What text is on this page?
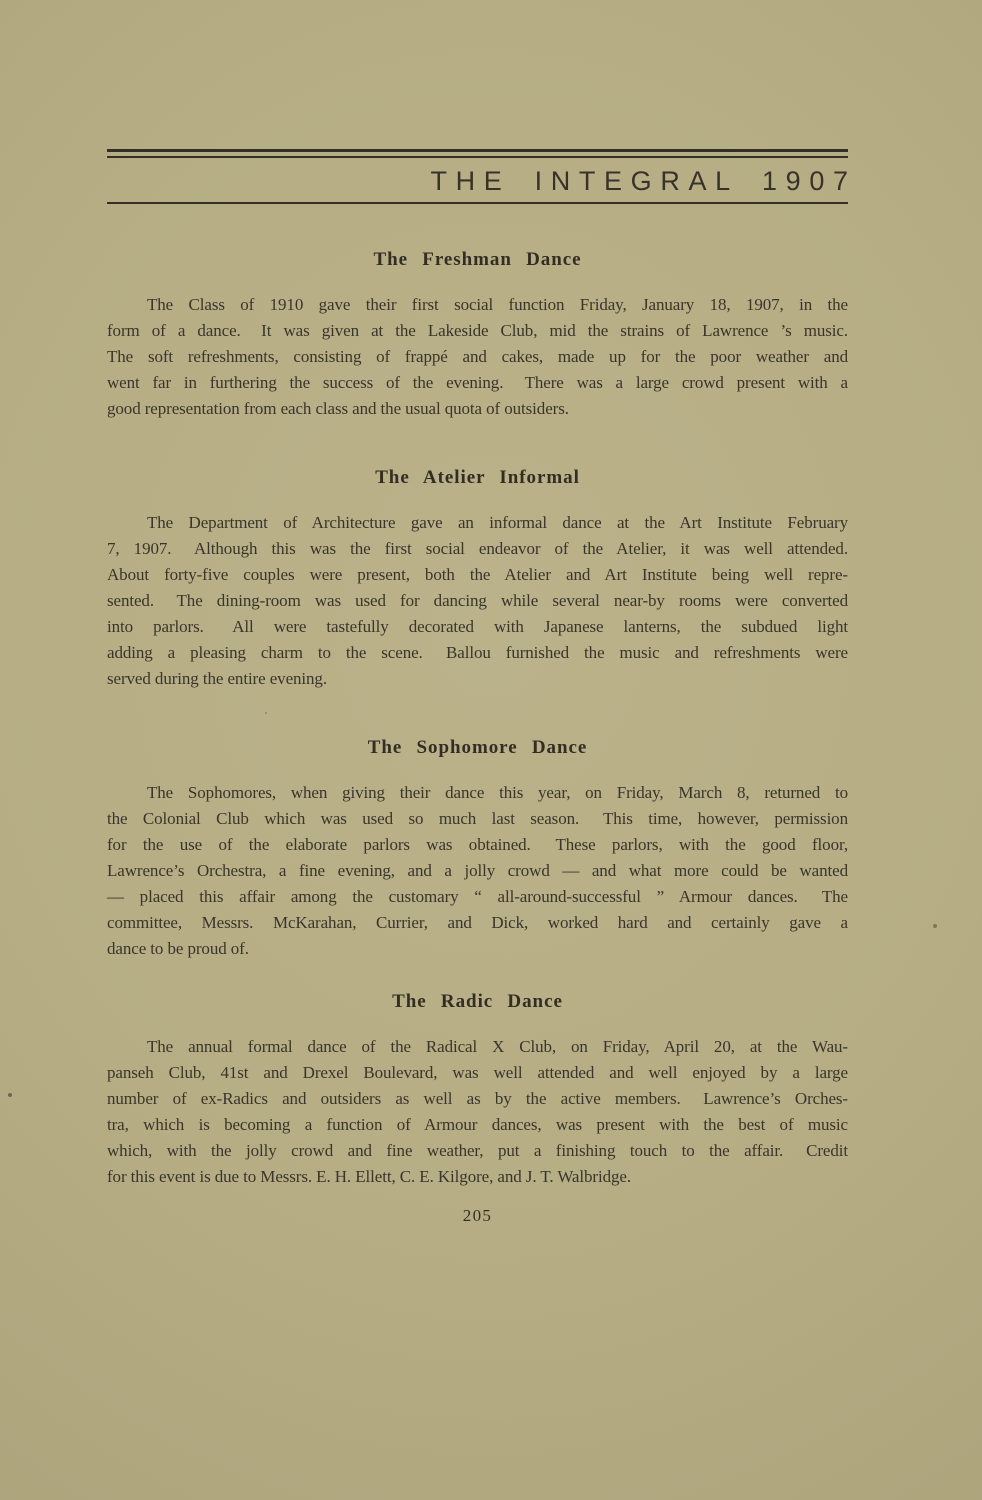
THE INTEGRAL 1907
The Freshman Dance

The Class of 1910 gave their first social function Friday, January 18, 1907, in the
form of a dance.  It was given at the Lakeside Club, mid the strains of Lawrence ’s music.
The soft refreshments, consisting of frappé and cakes, made up for the poor weather and
went far in furthering the success of the evening.  There was a large crowd present with a
good representation from each class and the usual quota of outsiders.

The Atelier Informal

The Department of Architecture gave an informal dance at the Art Institute February
7, 1907.  Although this was the first social endeavor of the Atelier, it was well attended.
About forty-five couples were present, both the Atelier and Art Institute being well repre-
sented.  The dining-room was used for dancing while several near-by rooms were converted
into parlors.  All were tastefully decorated with Japanese lanterns, the subdued light
adding a pleasing charm to the scene.  Ballou furnished the music and refreshments were
served during the entire evening.

The Sophomore Dance

The Sophomores, when giving their dance this year, on Friday, March 8, returned to
the Colonial Club which was used so much last season.  This time, however, permission
for the use of the elaborate parlors was obtained.  These parlors, with the good floor,
Lawrence’s Orchestra, a fine evening, and a jolly crowd — and what more could be wanted
— placed this affair among the customary “ all-around-successful ” Armour dances.  The
committee, Messrs. McKarahan, Currier, and Dick, worked hard and certainly gave a
dance to be proud of.

The Radic Dance

The annual formal dance of the Radical X Club, on Friday, April 20, at the Wau-
panseh Club, 41st and Drexel Boulevard, was well attended and well enjoyed by a large
number of ex-Radics and outsiders as well as by the active members.  Lawrence’s Orches-
tra, which is becoming a function of Armour dances, was present with the best of music
which, with the jolly crowd and fine weather, put a finishing touch to the affair.  Credit
for this event is due to Messrs. E. H. Ellett, C. E. Kilgore, and J. T. Walbridge.

205
